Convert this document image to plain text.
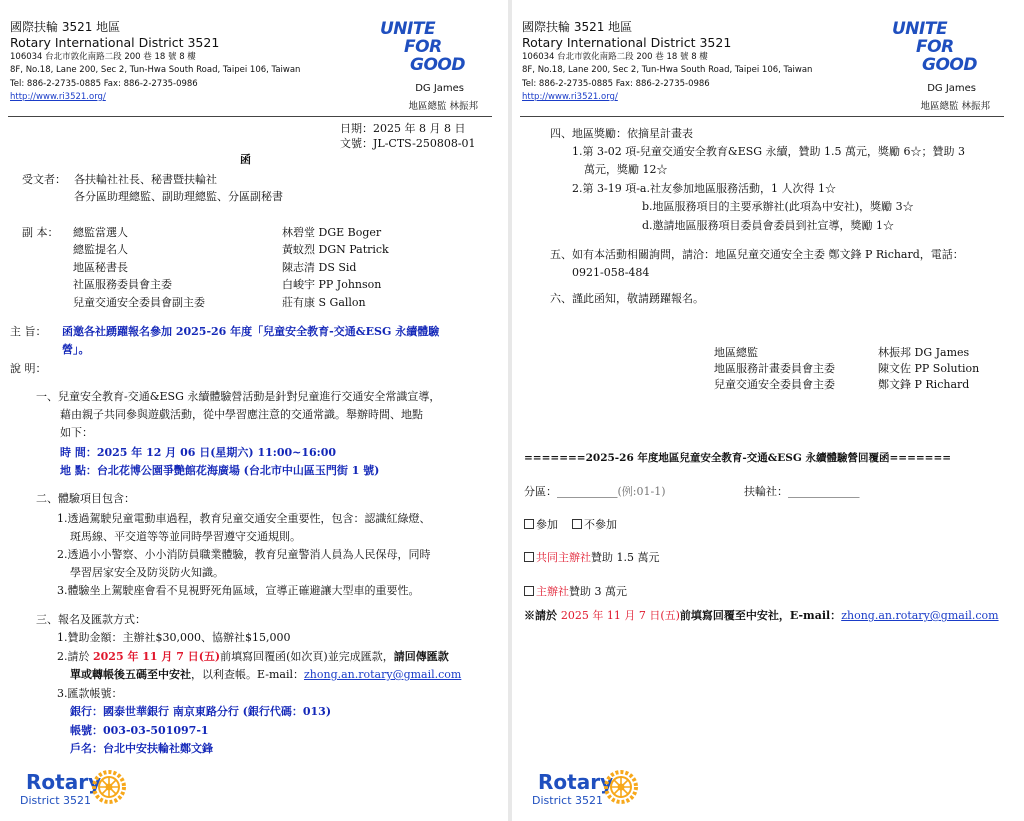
國際扶輪 3521 地區
Rotary International District 3521
106034 台北市敦化南路二段 200 巷 18 號 8 樓
8F, No.18, Lane 200, Sec 2, Tun-Hwa South Road, Taipei 106, Taiwan
Tel: 886-2-2735-0885 Fax: 886-2-2735-0986
http://www.ri3521.org/
UNITE
FOR
GOOD
DG James
地區總監 林振邦
日期：2025 年 8 月 8 日
文號：JL-CTS-250808-01
函
受文者： 各扶輪社社長、秘書暨扶輪社
各分區助理總監、副助理總監、分區副秘書
副 本： 總監當選人	林碧堂 DGE Boger
總監提名人	黃蚊烈 DGN Patrick
地區秘書長	陳志清 DS Sid
社區服務委員會主委	白峻宇 PP Johnson
兒童交通安全委員會副主委	莊有康 S Gallon
主 旨： 函邀各社踴躍報名參加 2025-26 年度「兒童安全教育-交通&ESG 永續體驗
營」。
說 明：
一、兒童安全教育-交通&ESG 永續體驗營活動是針對兒童進行交通安全常識宣導，
藉由親子共同參與遊戲活動，從中學習應注意的交通常識。舉辦時間、地點
如下：
時 間：2025 年 12 月 06 日(星期六) 11:00~16:00
地 點：台北花博公園爭艷館花海廣場 (台北市中山區玉門街 1 號)
二、體驗項目包含：
1.透過駕駛兒童電動車過程，教育兒童交通安全重要性，包含：認識紅綠燈、
斑馬線、平交道等等並同時學習遵守交通規則。
2.透過小小警察、小小消防員職業體驗，教育兒童警消人員為人民保母，同時
學習居家安全及防災防火知識。
3.體驗坐上駕駛座會看不見視野死角區域，宣導正確避讓大型車的重要性。
三、報名及匯款方式：
1.贊助金額：主辦社$30,000、協辦社$15,000
2.請於 2025 年 11 月 7 日(五)前填寫回覆函(如次頁)並完成匯款，請回傳匯款
單或轉帳後五碼至中安社，以利查帳。E-mail：zhong.an.rotary@gmail.com
3.匯款帳號：
銀行：國泰世華銀行 南京東路分行 (銀行代碼：013)
帳號：003-03-501097-1
戶名：台北中安扶輪社鄭文鋒
Rotary
District 3521
國際扶輪 3521 地區
Rotary International District 3521
106034 台北市敦化南路二段 200 巷 18 號 8 樓
8F, No.18, Lane 200, Sec 2, Tun-Hwa South Road, Taipei 106, Taiwan
Tel: 886-2-2735-0885 Fax: 886-2-2735-0986
http://www.ri3521.org/
UNITE
FOR
GOOD
DG James
地區總監 林振邦
四、地區獎勵：依摘星計畫表
1.第 3-02 項-兒童交通安全教育&ESG 永續，贊助 1.5 萬元，獎勵 6☆；贊助 3
萬元，獎勵 12☆
2.第 3-19 項-a.社友參加地區服務活動，1 人次得 1☆
b.地區服務項目的主要承辦社(此項為中安社)，獎勵 3☆
d.邀請地區服務項目委員會委員到社宣導，獎勵 1☆
五、如有本活動相關詢問，請洽：地區兒童交通安全主委 鄭文鋒 P Richard，電話：
0921-058-484
六、謹此函知，敬請踴躍報名。
地區總監	林振邦 DG James
地區服務計畫委員會主委	陳文佐 PP Solution
兒童交通安全委員會主委	鄭文鋒 P Richard
=======2025-26 年度地區兒童安全教育-交通&ESG 永續體驗營回覆函=======
分區：___________(例:01-1)	扶輪社：_____________
參加 不參加
共同主辦社贊助 1.5 萬元
主辦社贊助 3 萬元
※請於 2025 年 11 月 7 日(五)前填寫回覆至中安社，E-mail：zhong.an.rotary@gmail.com
Rotary
District 3521
